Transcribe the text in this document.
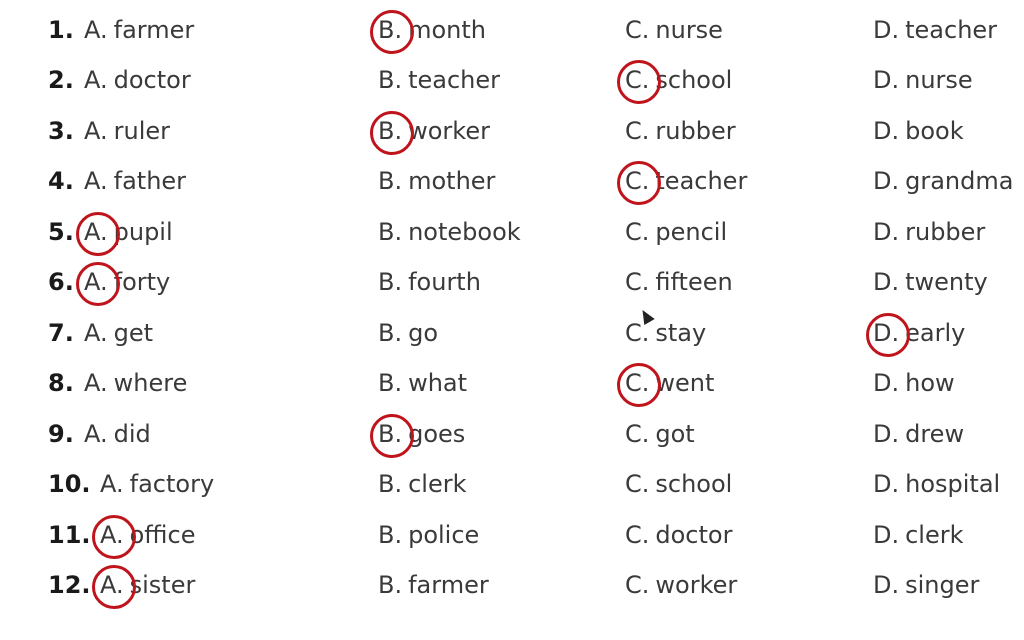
1. A. farmer	B. month	C. nurse	D. teacher
2. A. doctor	B. teacher	C. school	D. nurse
3. A. ruler	B. worker	C. rubber	D. book
4. A. father	B. mother	C. teacher	D. grandma
5. A. pupil	B. notebook	C. pencil	D. rubber
6. A. forty	B. fourth	C. fifteen	D. twenty
7. A. get	B. go	C. stay	D. early
8. A. where	B. what	C. went	D. how
9. A. did	B. goes	C. got	D. drew
10. A. factory	B. clerk	C. school	D. hospital
11. A. office	B. police	C. doctor	D. clerk
12. A. sister	B. farmer	C. worker	D. singer
